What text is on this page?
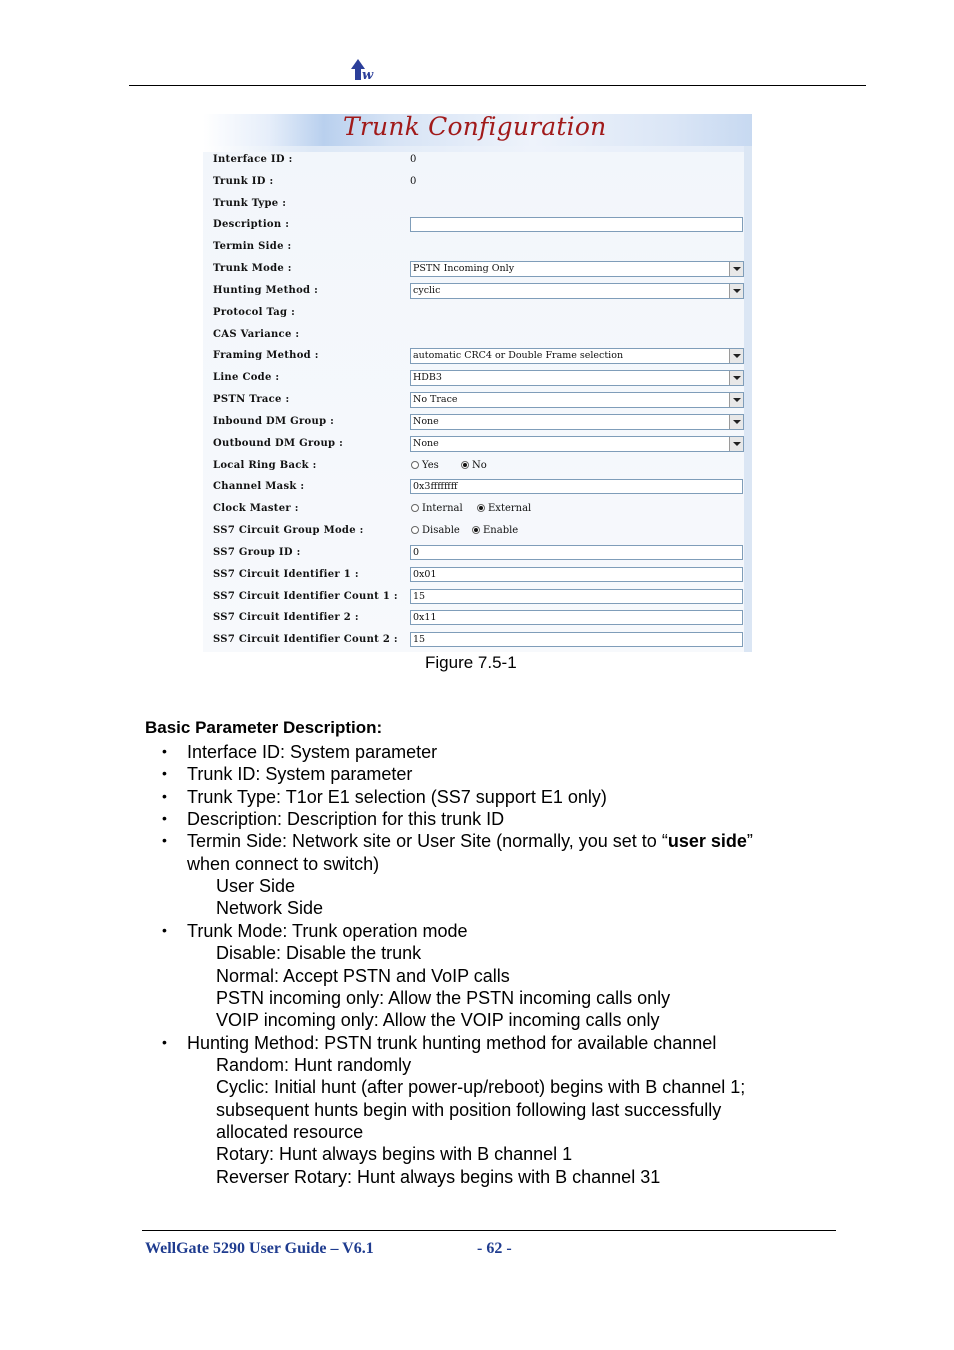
w
Trunk Configuration
Interface ID :	0
Trunk ID :	0
Trunk Type :
Description :
Termin Side :
Trunk Mode :	PSTN Incoming Only
Hunting Method :	cyclic
Protocol Tag :
CAS Variance :
Framing Method :	automatic CRC4 or Double Frame selection
Line Code :	HDB3
PSTN Trace :	No Trace
Inbound DM Group :	None
Outbound DM Group :	None
Local Ring Back :	Yes	No
Channel Mask :	0x3ffffffff
Clock Master :	Internal	External
SS7 Circuit Group Mode :	Disable	Enable
SS7 Group ID :	0
SS7 Circuit Identifier 1 :	0x01
SS7 Circuit Identifier Count 1 :	15
SS7 Circuit Identifier 2 :	0x11
SS7 Circuit Identifier Count 2 :	15
Figure 7.5-1
Basic Parameter Description:
• Interface ID: System parameter
• Trunk ID: System parameter
• Trunk Type: T1or E1 selection (SS7 support E1 only)
• Description: Description for this trunk ID
• Termin Side: Network site or User Site (normally, you set to “user side”
when connect to switch)
User Side
Network Side
• Trunk Mode: Trunk operation mode
Disable: Disable the trunk
Normal: Accept PSTN and VoIP calls
PSTN incoming only: Allow the PSTN incoming calls only
VOIP incoming only: Allow the VOIP incoming calls only
• Hunting Method: PSTN trunk hunting method for available channel
Random: Hunt randomly
Cyclic: Initial hunt (after power-up/reboot) begins with B channel 1;
subsequent hunts begin with position following last successfully
allocated resource
Rotary: Hunt always begins with B channel 1
Reverser Rotary: Hunt always begins with B channel 31
WellGate 5290 User Guide – V6.1	- 62 -
